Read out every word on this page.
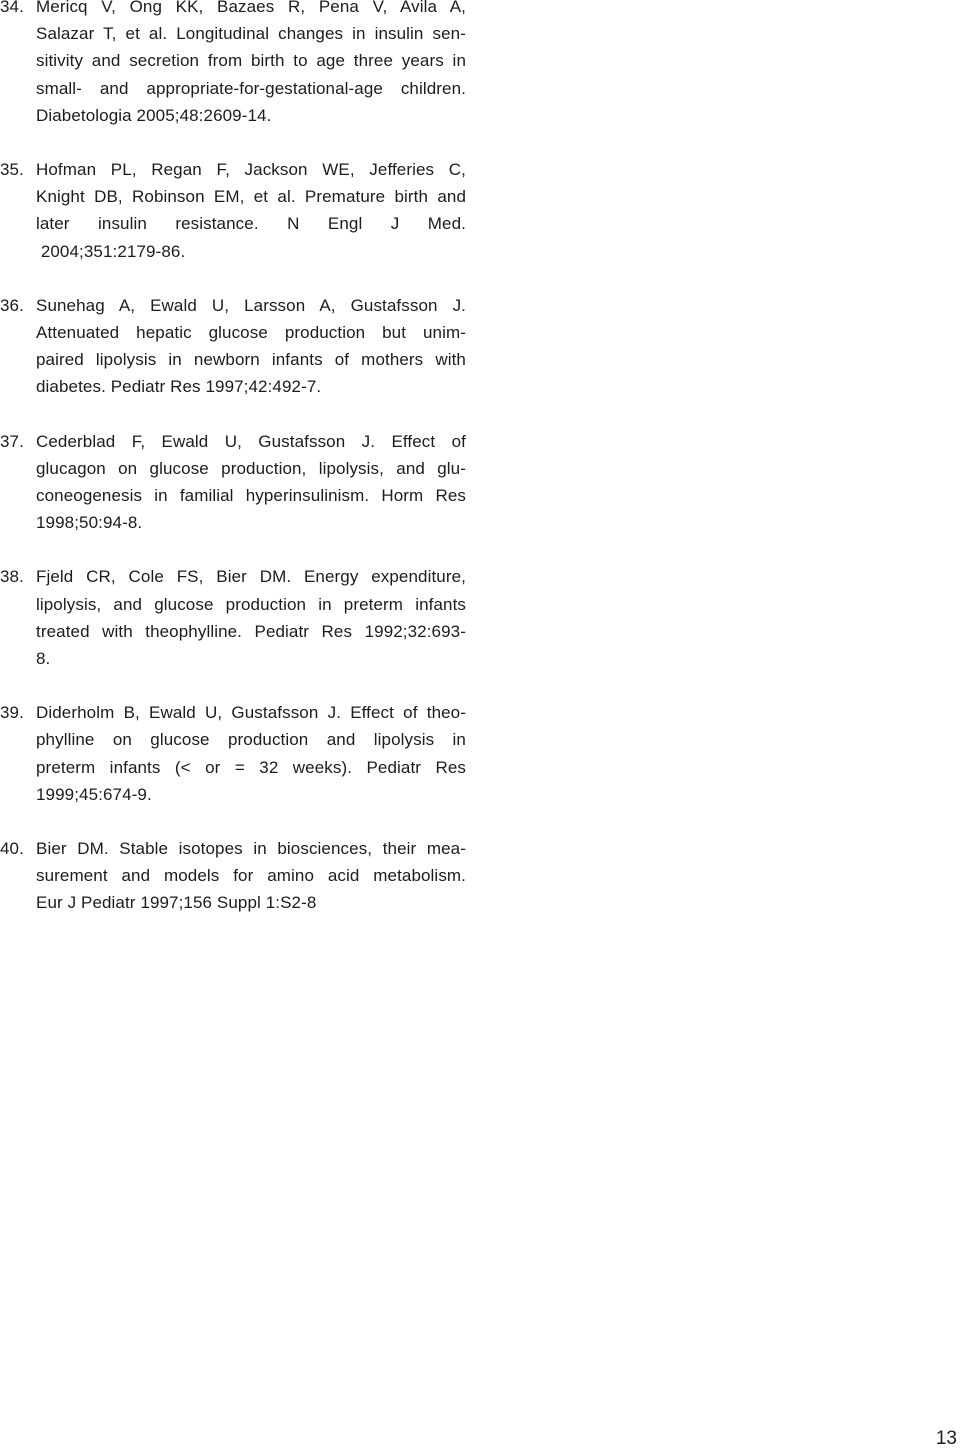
34. Mericq V, Ong KK, Bazaes R, Pena V, Avila A,
Salazar T, et al. Longitudinal changes in insulin sen-
sitivity and secretion from birth to age three years in
small- and appropriate-for-gestational-age children.
Diabetologia 2005;48:2609-14.
35. Hofman PL, Regan F, Jackson WE, Jefferies C,
Knight DB, Robinson EM, et al. Premature birth and
later insulin resistance. N Engl J Med.
2004;351:2179-86.
36. Sunehag A, Ewald U, Larsson A, Gustafsson J.
Attenuated hepatic glucose production but unim-
paired lipolysis in newborn infants of mothers with
diabetes. Pediatr Res 1997;42:492-7.
37. Cederblad F, Ewald U, Gustafsson J. Effect of
glucagon on glucose production, lipolysis, and glu-
coneogenesis in familial hyperinsulinism. Horm Res
1998;50:94-8.
38. Fjeld CR, Cole FS, Bier DM. Energy expenditure,
lipolysis, and glucose production in preterm infants
treated with theophylline. Pediatr Res 1992;32:693-
8.
39. Diderholm B, Ewald U, Gustafsson J. Effect of theo-
phylline on glucose production and lipolysis in
preterm infants (< or = 32 weeks). Pediatr Res
1999;45:674-9.
40. Bier DM. Stable isotopes in biosciences, their mea-
surement and models for amino acid metabolism.
Eur J Pediatr 1997;156 Suppl 1:S2-8
13
